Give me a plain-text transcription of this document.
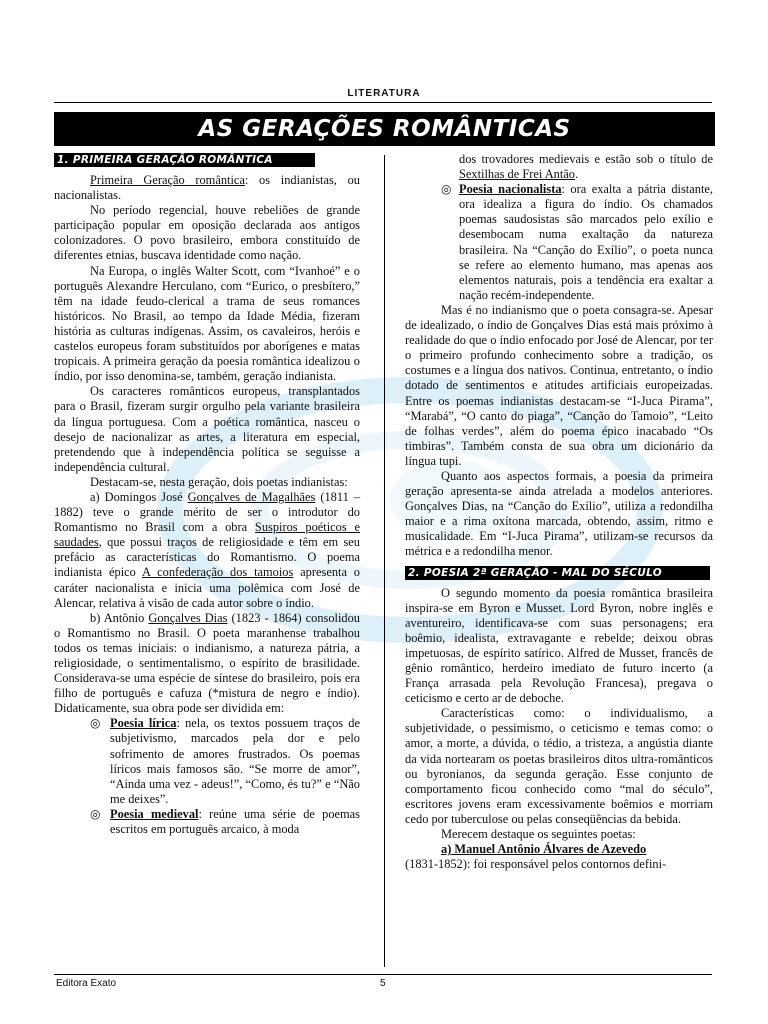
LITERATURA
AS GERAÇÕES ROMÂNTICAS
1. PRIMEIRA GERAÇÃO ROMÂNTICA

Primeira Geração romântica: os indianistas, ou nacionalistas.

No período regencial, houve rebeliões de grande participação popular em oposição declarada aos antigos colonizadores. O povo brasileiro, embora constituído de diferentes etnias, buscava identidade como nação.

Na Europa, o inglês Walter Scott, com “Ivanhoé” e o português Alexandre Herculano, com “Eurico, o presbítero,” têm na idade feudo-clerical a trama de seus romances históricos. No Brasil, ao tempo da Idade Média, fizeram história as culturas indígenas. Assim, os cavaleiros, heróis e castelos europeus foram substituídos por aborígenes e matas tropicais. A primeira geração da poesia romântica idealizou o índio, por isso denomina-se, também, geração indianista.

Os caracteres românticos europeus, transplantados para o Brasil, fizeram surgir orgulho pela variante brasileira da língua portuguesa. Com a poética romântica, nasceu o desejo de nacionalizar as artes, a literatura em especial, pretendendo que à independência política se seguisse a independência cultural.

Destacam-se, nesta geração, dois poetas indianistas:

a) Domingos José Gonçalves de Magalhães (1811 – 1882) teve o grande mérito de ser o introdutor do Romantismo no Brasil com a obra Suspiros poéticos e saudades, que possui traços de religiosidade e têm em seu prefácio as características do Romantismo. O poema indianista épico A confederação dos tamoios apresenta o caráter nacionalista e inicia uma polêmica com José de Alencar, relativa à visão de cada autor sobre o índio.

b) Antônio Gonçalves Dias (1823 - 1864) consolidou o Romantismo no Brasil. O poeta maranhense trabalhou todos os temas iniciais: o indianismo, a natureza pátria, a religiosidade, o sentimentalismo, o espírito de brasilidade. Considerava-se uma espécie de síntese do brasileiro, pois era filho de português e cafuza (*mistura de negro e índio). Didaticamente, sua obra pode ser dividida em:

◎ Poesia lírica: nela, os textos possuem traços de subjetivismo, marcados pela dor e pelo sofrimento de amores frustrados. Os poemas líricos mais famosos são. “Se morre de amor”, “Ainda uma vez - adeus!”, “Como, és tu?” e “Não me deixes”.
◎ Poesia medieval: reúne uma série de poemas escritos em português arcaico, à moda
dos trovadores medievais e estão sob o título de Sextilhas de Frei Antão.
◎ Poesia nacionalista: ora exalta a pátria distante, ora idealiza a figura do índio. Os chamados poemas saudosistas são marcados pelo exílio e desembocam numa exaltação da natureza brasileira. Na “Canção do Exílio”, o poeta nunca se refere ao elemento humano, mas apenas aos elementos naturais, pois a tendência era exaltar a nação recém-independente.

Mas é no indianismo que o poeta consagra-se. Apesar de idealizado, o índio de Gonçalves Dias está mais próximo à realidade do que o índio enfocado por José de Alencar, por ter o primeiro profundo conhecimento sobre a tradição, os costumes e a língua dos nativos. Continua, entretanto, o índio dotado de sentimentos e atitudes artificiais europeizadas. Entre os poemas indianistas destacam-se “I-Juca Pirama”, “Marabá”, “O canto do piaga”, “Canção do Tamoio”, “Leito de folhas verdes”, além do poema épico inacabado “Os timbiras”. Também consta de sua obra um dicionário da língua tupi.

Quanto aos aspectos formais, a poesia da primeira geração apresenta-se ainda atrelada a modelos anteriores. Gonçalves Dias, na “Canção do Exílio”, utiliza a redondilha maior e a rima oxítona marcada, obtendo, assim, ritmo e musicalidade. Em “I-Juca Pirama”, utilizam-se recursos da métrica e a redondilha menor.

2. POESIA 2ª GERAÇÃO - MAL DO SÉCULO

O segundo momento da poesia romântica brasileira inspira-se em Byron e Musset. Lord Byron, nobre inglês e aventureiro, identificava-se com suas personagens; era boêmio, idealista, extravagante e rebelde; deixou obras impetuosas, de espírito satírico. Alfred de Musset, francês de gênio romântico, herdeiro imediato de futuro incerto (a França arrasada pela Revolução Francesa), pregava o ceticismo e certo ar de deboche.

Características como: o individualismo, a subjetividade, o pessimismo, o ceticismo e temas como: o amor, a morte, a dúvida, o tédio, a tristeza, a angústia diante da vida nortearam os poetas brasileiros ditos ultra-românticos ou byronianos, da segunda geração. Esse conjunto de comportamento ficou conhecido como “mal do século”, escritores jovens eram excessivamente boêmios e morriam cedo por tuberculose ou pelas conseqüências da bebida.

Merecem destaque os seguintes poetas:

a) Manuel Antônio Álvares de Azevedo
(1831-1852): foi responsável pelos contornos defini-

Editora Exato	5
